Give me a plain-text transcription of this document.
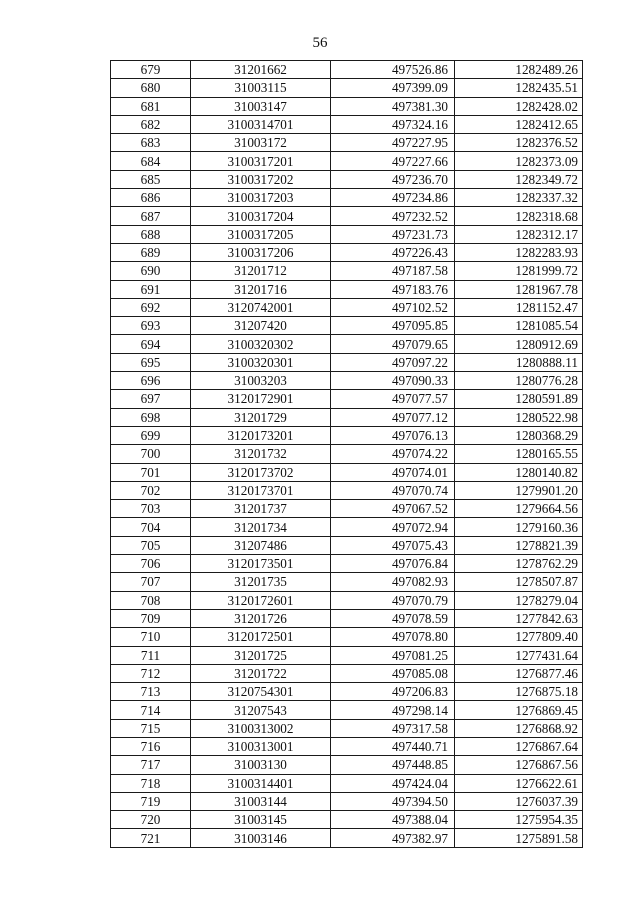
56
679	31201662	497526.86	1282489.26
680	31003115	497399.09	1282435.51
681	31003147	497381.30	1282428.02
682	3100314701	497324.16	1282412.65
683	31003172	497227.95	1282376.52
684	3100317201	497227.66	1282373.09
685	3100317202	497236.70	1282349.72
686	3100317203	497234.86	1282337.32
687	3100317204	497232.52	1282318.68
688	3100317205	497231.73	1282312.17
689	3100317206	497226.43	1282283.93
690	31201712	497187.58	1281999.72
691	31201716	497183.76	1281967.78
692	3120742001	497102.52	1281152.47
693	31207420	497095.85	1281085.54
694	3100320302	497079.65	1280912.69
695	3100320301	497097.22	1280888.11
696	31003203	497090.33	1280776.28
697	3120172901	497077.57	1280591.89
698	31201729	497077.12	1280522.98
699	3120173201	497076.13	1280368.29
700	31201732	497074.22	1280165.55
701	3120173702	497074.01	1280140.82
702	3120173701	497070.74	1279901.20
703	31201737	497067.52	1279664.56
704	31201734	497072.94	1279160.36
705	31207486	497075.43	1278821.39
706	3120173501	497076.84	1278762.29
707	31201735	497082.93	1278507.87
708	3120172601	497070.79	1278279.04
709	31201726	497078.59	1277842.63
710	3120172501	497078.80	1277809.40
711	31201725	497081.25	1277431.64
712	31201722	497085.08	1276877.46
713	3120754301	497206.83	1276875.18
714	31207543	497298.14	1276869.45
715	3100313002	497317.58	1276868.92
716	3100313001	497440.71	1276867.64
717	31003130	497448.85	1276867.56
718	3100314401	497424.04	1276622.61
719	31003144	497394.50	1276037.39
720	31003145	497388.04	1275954.35
721	31003146	497382.97	1275891.58
